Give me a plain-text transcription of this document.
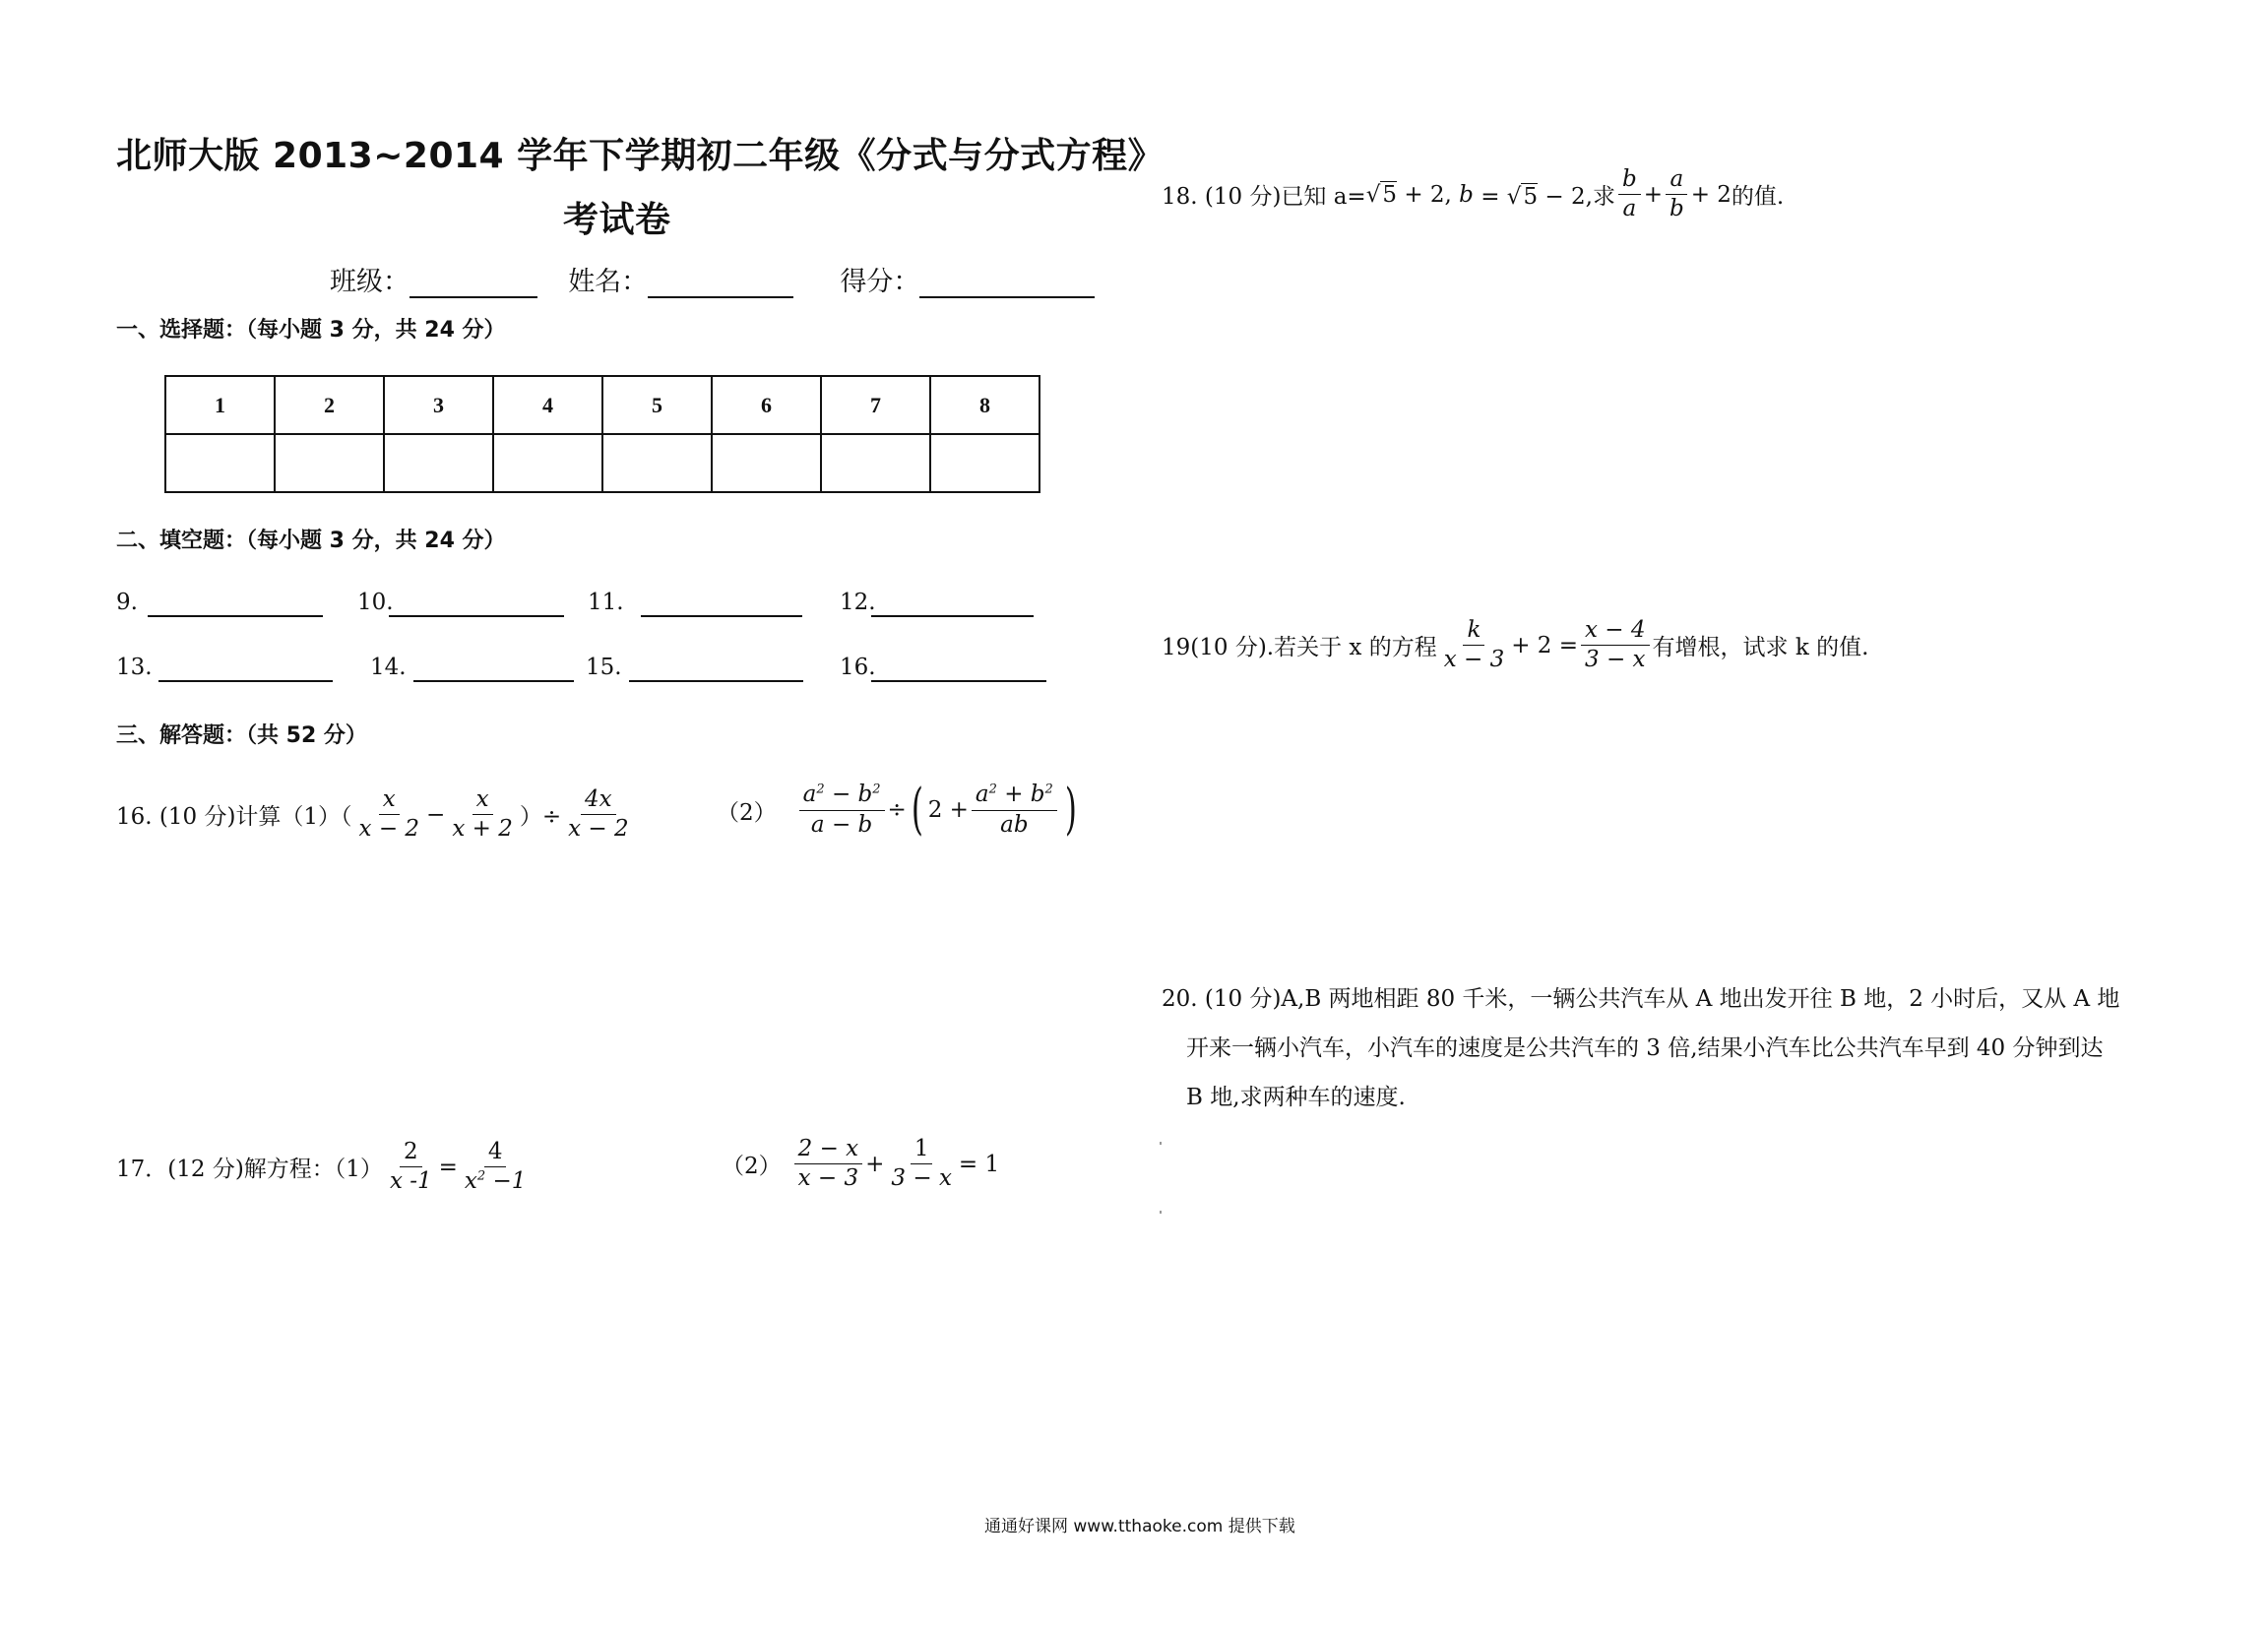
北师大版 2013~2014 学年下学期初二年级《分式与分式方程》
考试卷
班级：	姓名：	得分：
一、选择题：（每小题 3 分，共 24 分）
1	2	3	4	5	6	7	8

二、填空题：（每小题 3 分，共 24 分）
9.	10.	11.	12.
13.	14.	15.	16.
三、解答题：（共 52 分）
16. (10 分)计算$(1)( \frac{x}{x - 2} - \frac{x}{x + 2}$ ）÷ $\frac{4x}{x - 2}$	$(2) \frac{a^2 - b^2}{a - b}$ ÷ ( $2 + \frac{a^2 + b^2}{ab}$ )
17．(12 分)解方程：$(1) \frac{2}{x -1} = \frac{4}{x^2 -1}$	$(2) \frac{2 - x}{x - 3} + \frac{1}{3 - x} = 1$
18. (10 分)已知 a= √5 + 2, b = √5 − 2,求 $\frac{b}{a} + \frac{a}{b} + 2$ 的值.
19(10 分).若关于 x 的方程 $\frac{k}{x - 3} + 2 = \frac{x - 4}{3 - x}$ 有增根，试求 k 的值.
20. (10 分)A,B 两地相距 80 千米，一辆公共汽车从 A 地出发开往 B 地，2 小时后，又从 A 地
开来一辆小汽车，小汽车的速度是公共汽车的 3 倍,结果小汽车比公共汽车早到 40 分钟到达
B 地,求两种车的速度.
通通好课网 www.tthaoke.com 提供下载
